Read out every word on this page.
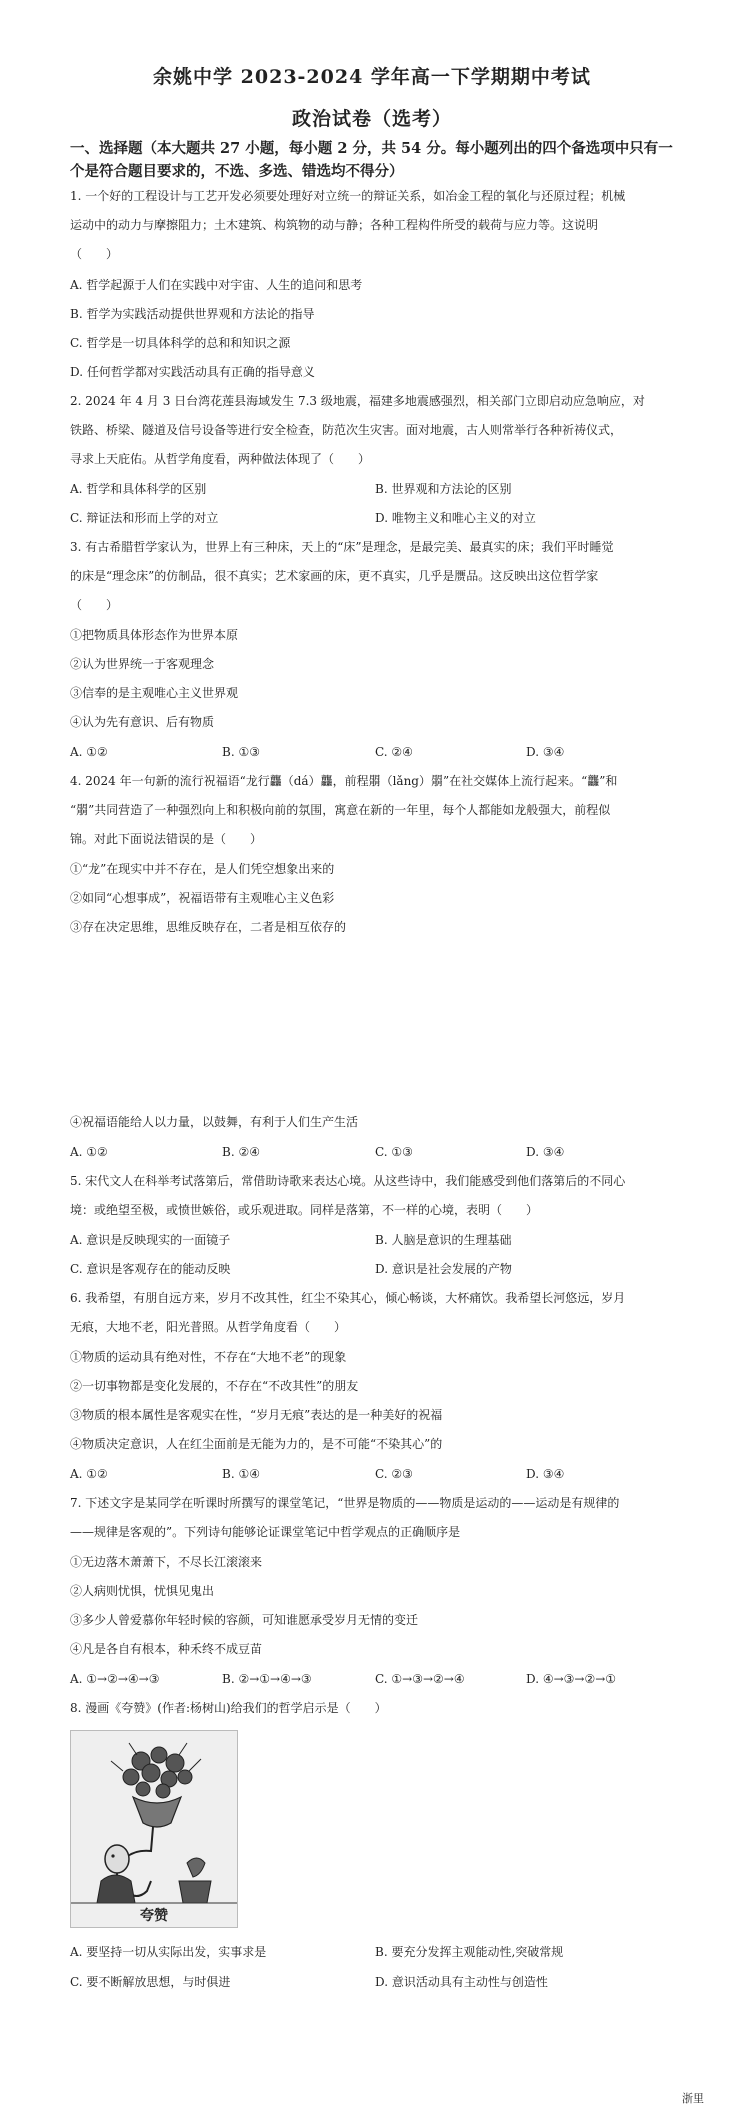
余姚中学 2023-2024 学年高一下学期期中考试
政治试卷（选考）
一、选择题（本大题共 27 小题，每小题 2 分，共 54 分。每小题列出的四个备选项中只有一
个是符合题目要求的，不选、多选、错选均不得分）
1. 一个好的工程设计与工艺开发必须要处理好对立统一的辩证关系，如冶金工程的氧化与还原过程；机械
运动中的动力与摩擦阻力；土木建筑、构筑物的动与静；各种工程构件所受的载荷与应力等。这说明
（　　）
A. 哲学起源于人们在实践中对宇宙、人生的追问和思考
B. 哲学为实践活动提供世界观和方法论的指导
C. 哲学是一切具体科学的总和和知识之源
D. 任何哲学都对实践活动具有正确的指导意义
2. 2024 年 4 月 3 日台湾花莲县海域发生 7.3 级地震，福建多地震感强烈，相关部门立即启动应急响应，对
铁路、桥梁、隧道及信号设备等进行安全检查，防范次生灾害。面对地震，古人则常举行各种祈祷仪式，
寻求上天庇佑。从哲学角度看，两种做法体现了（　　）
A. 哲学和具体科学的区别	B. 世界观和方法论的区别
C. 辩证法和形而上学的对立	D. 唯物主义和唯心主义的对立
3. 有古希腊哲学家认为，世界上有三种床，天上的“床”是理念，是最完美、最真实的床；我们平时睡觉
的床是“理念床”的仿制品，很不真实；艺术家画的床，更不真实，几乎是赝品。这反映出这位哲学家
（　　）
①把物质具体形态作为世界本原
②认为世界统一于客观理念
③信奉的是主观唯心主义世界观
④认为先有意识、后有物质
A. ①②	B. ①③	C. ②④	D. ③④
4. 2024 年一句新的流行祝福语“龙行龘（dá）龘，前程朤（lǎng）朤”在社交媒体上流行起来。“龘”和
“朤”共同营造了一种强烈向上和积极向前的氛围，寓意在新的一年里，每个人都能如龙般强大，前程似
锦。对此下面说法错误的是（　　）
①“龙”在现实中并不存在，是人们凭空想象出来的
②如同“心想事成”，祝福语带有主观唯心主义色彩
③存在决定思维，思维反映存在，二者是相互依存的
④祝福语能给人以力量，以鼓舞，有利于人们生产生活
A. ①②	B. ②④	C. ①③	D. ③④
5. 宋代文人在科举考试落第后，常借助诗歌来表达心境。从这些诗中，我们能感受到他们落第后的不同心
境：或绝望至极，或愤世嫉俗，或乐观进取。同样是落第，不一样的心境，表明（　　）
A. 意识是反映现实的一面镜子	B. 人脑是意识的生理基础
C. 意识是客观存在的能动反映	D. 意识是社会发展的产物
6. 我希望，有朋自远方来，岁月不改其性，红尘不染其心，倾心畅谈，大杯痛饮。我希望长河悠远，岁月
无痕，大地不老，阳光普照。从哲学角度看（　　）
①物质的运动具有绝对性，不存在“大地不老”的现象
②一切事物都是变化发展的，不存在“不改其性”的朋友
③物质的根本属性是客观实在性，“岁月无痕”表达的是一种美好的祝福
④物质决定意识，人在红尘面前是无能为力的，是不可能“不染其心”的
A. ①②	B. ①④	C. ②③	D. ③④
7. 下述文字是某同学在听课时所撰写的课堂笔记，“世界是物质的——物质是运动的——运动是有规律的
——规律是客观的”。下列诗句能够论证课堂笔记中哲学观点的正确顺序是
①无边落木萧萧下，不尽长江滚滚来
②人病则忧惧，忧惧见鬼出
③多少人曾爱慕你年轻时候的容颜，可知谁愿承受岁月无情的变迁
④凡是各自有根本，种禾终不成豆苗
A. ①→②→④→③	B. ②→①→④→③	C. ①→③→②→④	D. ④→③→②→①
8. 漫画《夸赞》(作者:杨树山)给我们的哲学启示是（　　）
夸赞
A. 要坚持一切从实际出发，实事求是	B. 要充分发挥主观能动性,突破常规
C. 要不断解放思想，与时俱进	D. 意识活动具有主动性与创造性
浙里
